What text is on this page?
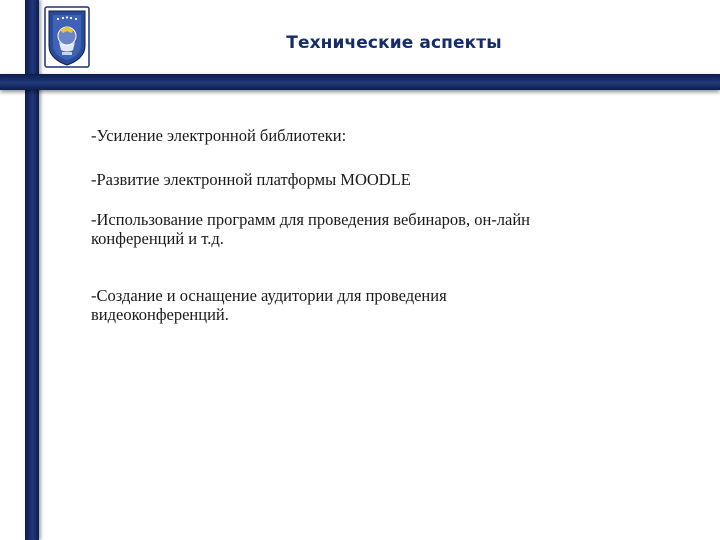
Технические аспекты

-Усиление электронной библиотеки:

-Развитие электронной платформы MOODLE

-Использование программ для проведения вебинаров, он-лайн

конференций и т.д.

-Создание и оснащение аудитории для проведения

видеоконференций.
